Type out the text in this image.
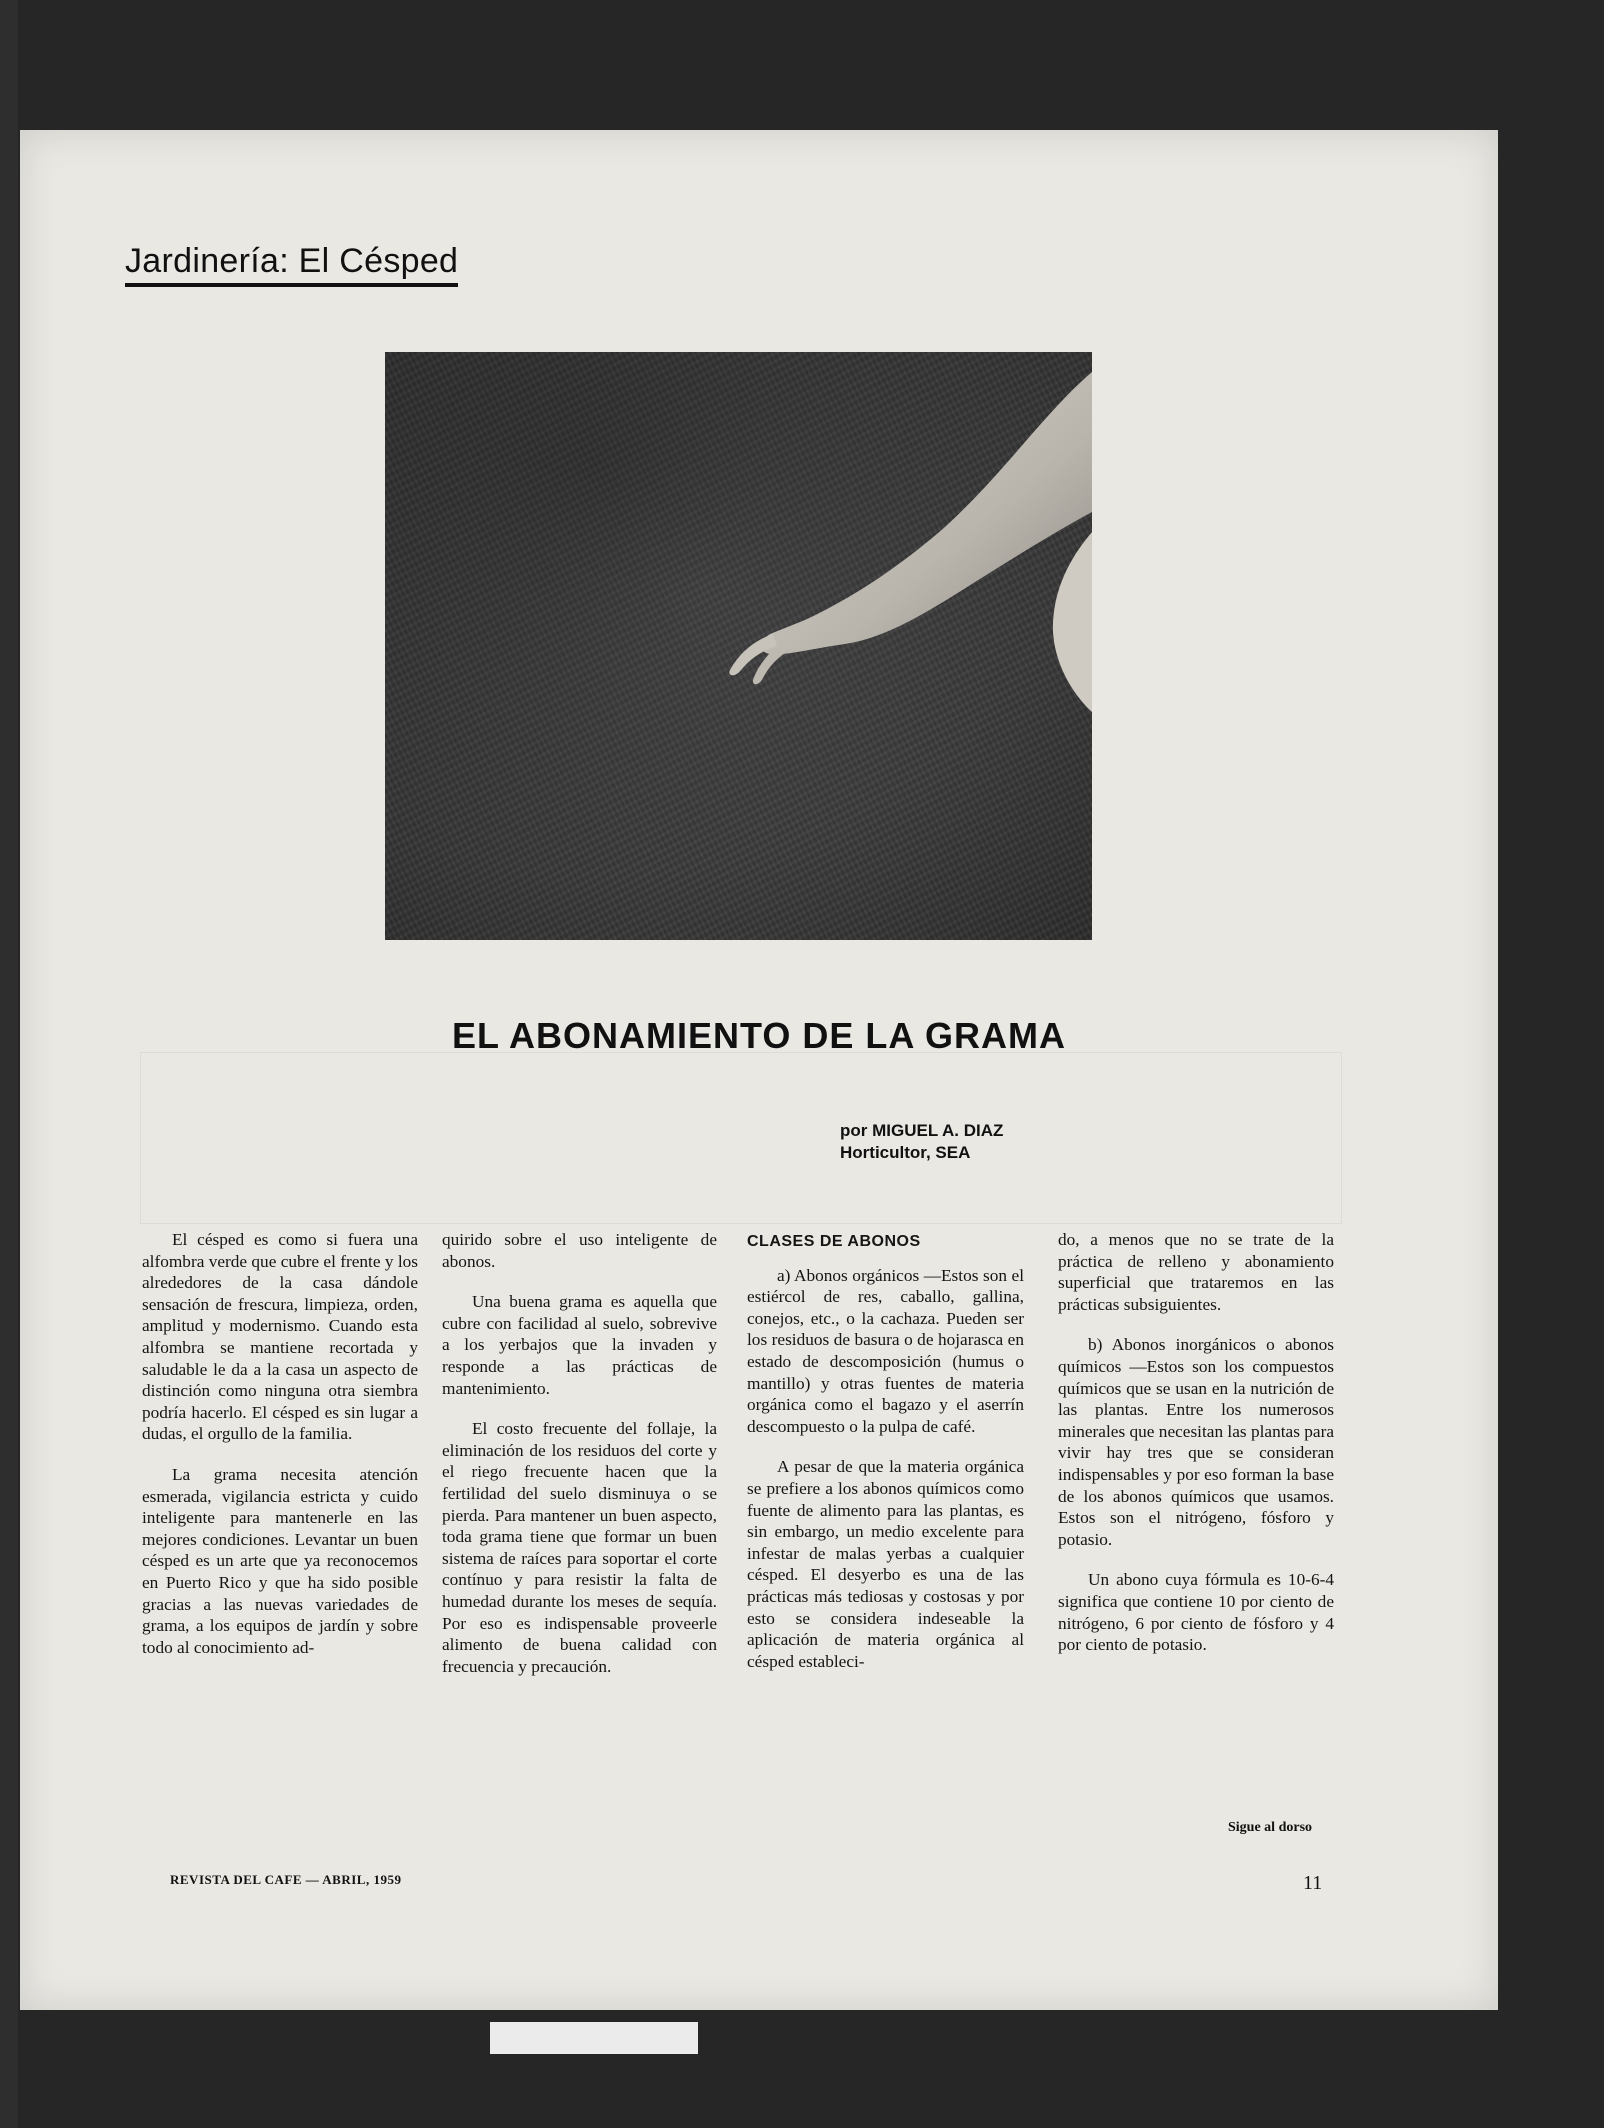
Jardinería: El Césped
EL ABONAMIENTO DE LA GRAMA
por MIGUEL A. DIAZ
Horticultor, SEA

El césped es como si fuera una alfombra verde que cubre el frente y los alrededores de la casa dándole sensación de frescura, limpieza, orden, amplitud y modernismo. Cuando esta alfombra se mantiene recortada y saludable le da a la casa un aspecto de distinción como ninguna otra siembra podría hacerlo. El césped es sin lugar a dudas, el orgullo de la familia.

La grama necesita atención esmerada, vigilancia estricta y cuido inteligente para mantenerle en las mejores condiciones. Levantar un buen césped es un arte que ya reconocemos en Puerto Rico y que ha sido posible gracias a las nuevas variedades de grama, a los equipos de jardín y sobre todo al conocimiento ad-

quirido sobre el uso inteligente de abonos.

Una buena grama es aquella que cubre con facilidad al suelo, sobrevive a los yerbajos que la invaden y responde a las prácticas de mantenimiento.

El costo frecuente del follaje, la eliminación de los residuos del corte y el riego frecuente hacen que la fertilidad del suelo disminuya o se pierda. Para mantener un buen aspecto, toda grama tiene que formar un buen sistema de raíces para soportar el corte contínuo y para resistir la falta de humedad durante los meses de sequía. Por eso es indispensable proveerle alimento de buena calidad con frecuencia y precaución.

CLASES DE ABONOS

a) Abonos orgánicos —Estos son el estiércol de res, caballo, gallina, conejos, etc., o la cachaza. Pueden ser los residuos de basura o de hojarasca en estado de descomposición (humus o mantillo) y otras fuentes de materia orgánica como el bagazo y el aserrín descompuesto o la pulpa de café.

A pesar de que la materia orgánica se prefiere a los abonos químicos como fuente de alimento para las plantas, es sin embargo, un medio excelente para infestar de malas yerbas a cualquier césped. El desyerbo es una de las prácticas más tediosas y costosas y por esto se considera indeseable la aplicación de materia orgánica al césped estableci-

do, a menos que no se trate de la práctica de relleno y abonamiento superficial que trataremos en las prácticas subsiguientes.

b) Abonos inorgánicos o abonos químicos —Estos son los compuestos químicos que se usan en la nutrición de las plantas. Entre los numerosos minerales que necesitan las plantas para vivir hay tres que se consideran indispensables y por eso forman la base de los abonos químicos que usamos. Estos son el nitrógeno, fósforo y potasio.

Un abono cuya fórmula es 10-6-4 significa que contiene 10 por ciento de nitrógeno, 6 por ciento de fósforo y 4 por ciento de potasio.

Sigue al dorso
REVISTA DEL CAFE — ABRIL, 1959	11
